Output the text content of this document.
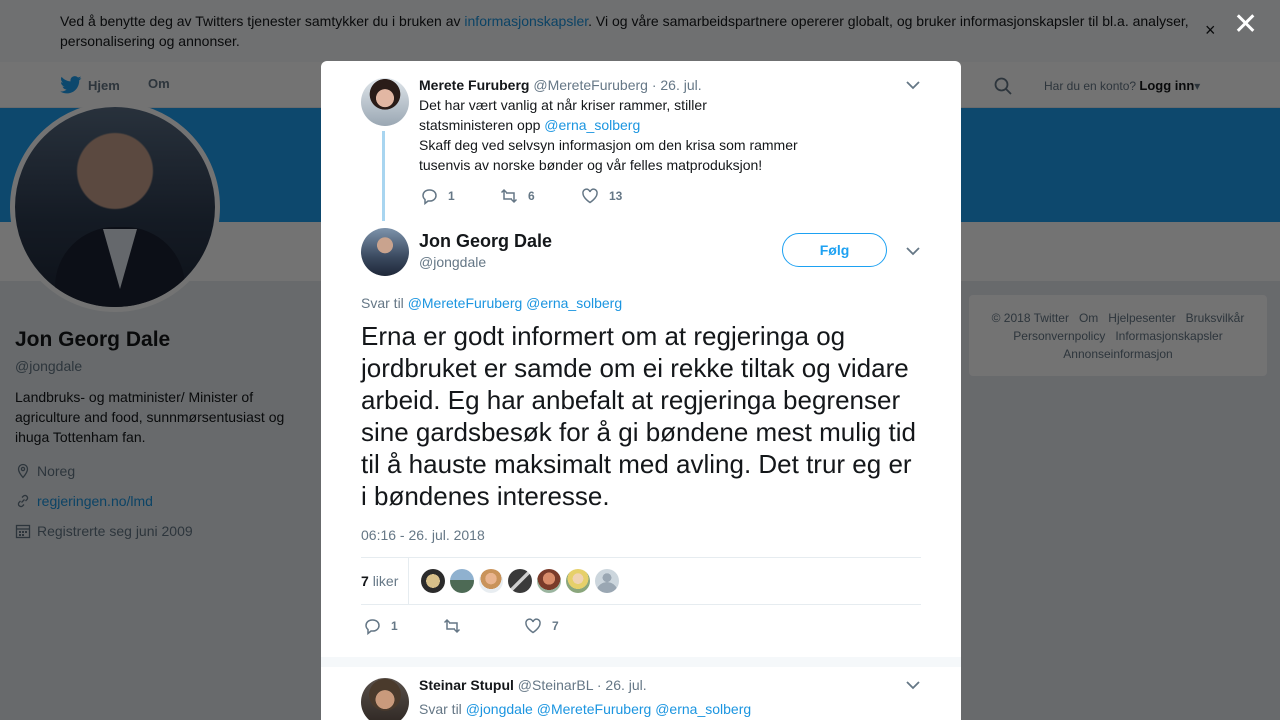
✕
Merete Furuberg @MereteFuruberg · 26. jul.
Det har vært vanlig at når kriser rammer, stiller
statsministeren opp @erna_solberg
Skaff deg ved selvsyn informasjon om den krisa som rammer
tusenvis av norske bønder og vår felles matproduksjon!
1	6	13
Jon Georg Dale
@jongdale
Følg
Svar til @MereteFuruberg @erna_solberg
Erna er godt informert om at regjeringa og jordbruket er samde om ei rekke tiltak og vidare arbeid. Eg har anbefalt at regjeringa begrenser sine gardsbesøk for å gi bøndene mest mulig tid til å hauste maksimalt med avling. Det trur eg er i bøndenes interesse.
06:16 - 26. jul. 2018
7 liker
1	7
Steinar Stupul @SteinarBL · 26. jul.
Svar til @jongdale @MereteFuruberg @erna_solberg
